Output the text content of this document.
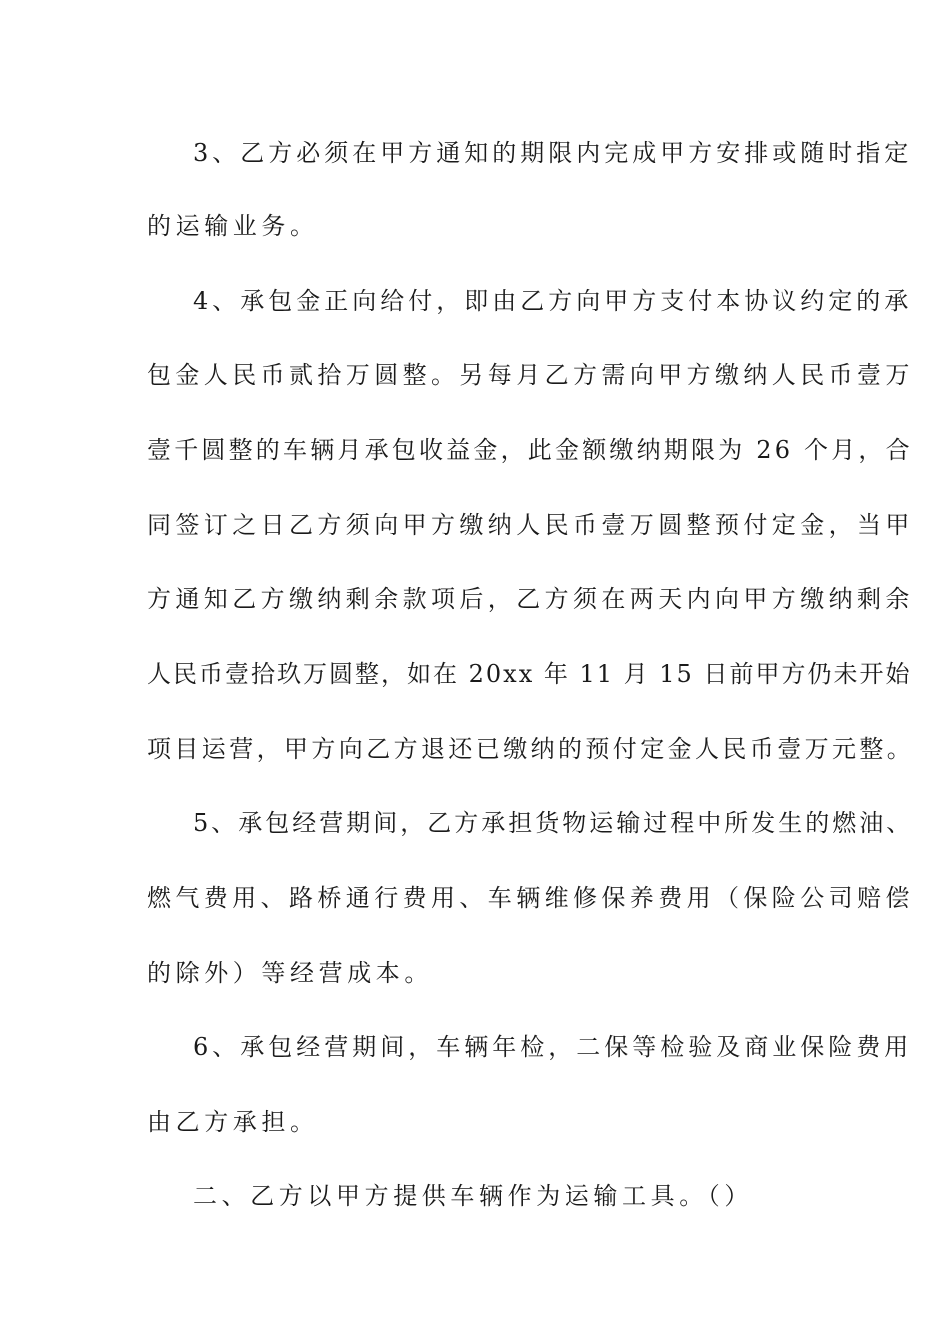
3、乙方必须在甲方通知的期限内完成甲方安排或随时指定
的运输业务。
4、承包金正向给付，即由乙方向甲方支付本协议约定的承
包金人民币贰拾万圆整。另每月乙方需向甲方缴纳人民币壹万
壹千圆整的车辆月承包收益金，此金额缴纳期限为 26 个月，合
同签订之日乙方须向甲方缴纳人民币壹万圆整预付定金，当甲
方通知乙方缴纳剩余款项后，乙方须在两天内向甲方缴纳剩余
人民币壹拾玖万圆整，如在 20xx 年 11 月 15 日前甲方仍未开始
项目运营，甲方向乙方退还已缴纳的预付定金人民币壹万元整。
5、承包经营期间，乙方承担货物运输过程中所发生的燃油、
燃气费用、路桥通行费用、车辆维修保养费用（保险公司赔偿
的除外）等经营成本。
6、承包经营期间，车辆年检，二保等检验及商业保险费用
由乙方承担。
二、乙方以甲方提供车辆作为运输工具。（）
